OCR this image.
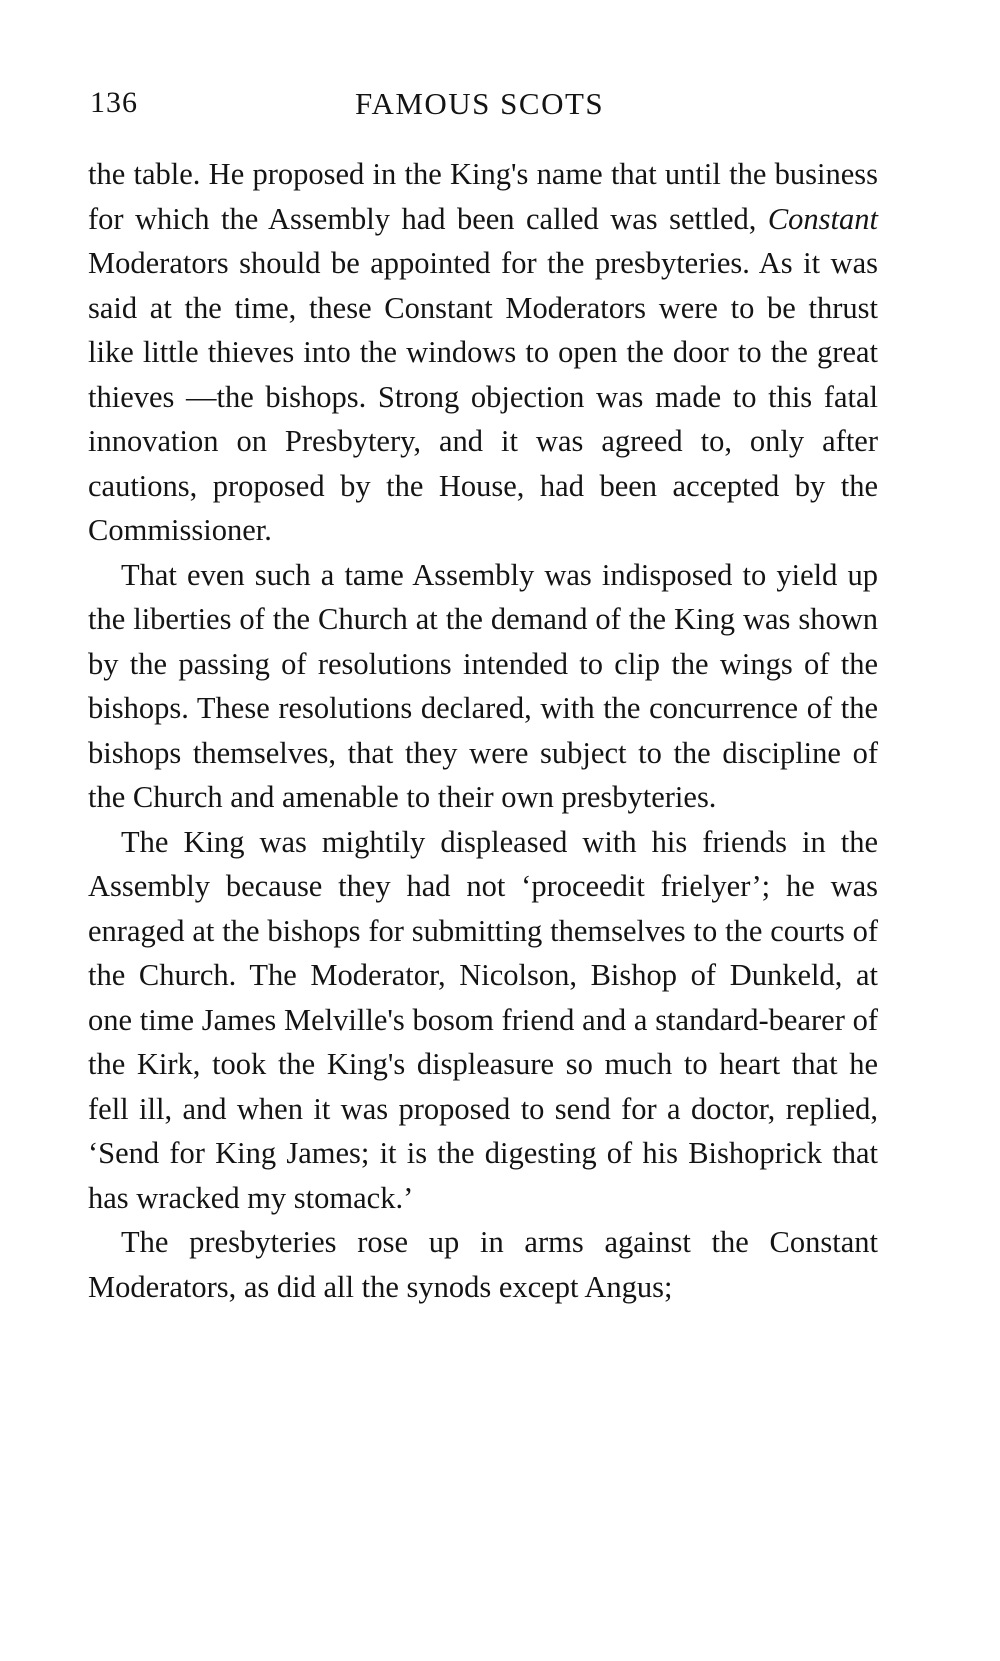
136	FAMOUS SCOTS

the table. He proposed in the King's name that until the business for which the Assembly had been called was settled, Constant Moderators should be appointed for the presbyteries. As it was said at the time, these Constant Moderators were to be thrust like little thieves into the windows to open the door to the great thieves —the bishops. Strong objection was made to this fatal innovation on Presbytery, and it was agreed to, only after cautions, proposed by the House, had been accepted by the Commissioner.

That even such a tame Assembly was indisposed to yield up the liberties of the Church at the demand of the King was shown by the passing of resolutions intended to clip the wings of the bishops. These resolutions declared, with the concurrence of the bishops themselves, that they were subject to the discipline of the Church and amenable to their own presbyteries.

The King was mightily displeased with his friends in the Assembly because they had not ‘proceedit frielyer’; he was enraged at the bishops for submitting themselves to the courts of the Church. The Moderator, Nicolson, Bishop of Dunkeld, at one time James Melville's bosom friend and a standard-bearer of the Kirk, took the King's displeasure so much to heart that he fell ill, and when it was proposed to send for a doctor, replied, ‘Send for King James; it is the digesting of his Bishoprick that has wracked my stomack.’

The presbyteries rose up in arms against the Constant Moderators, as did all the synods except Angus;
